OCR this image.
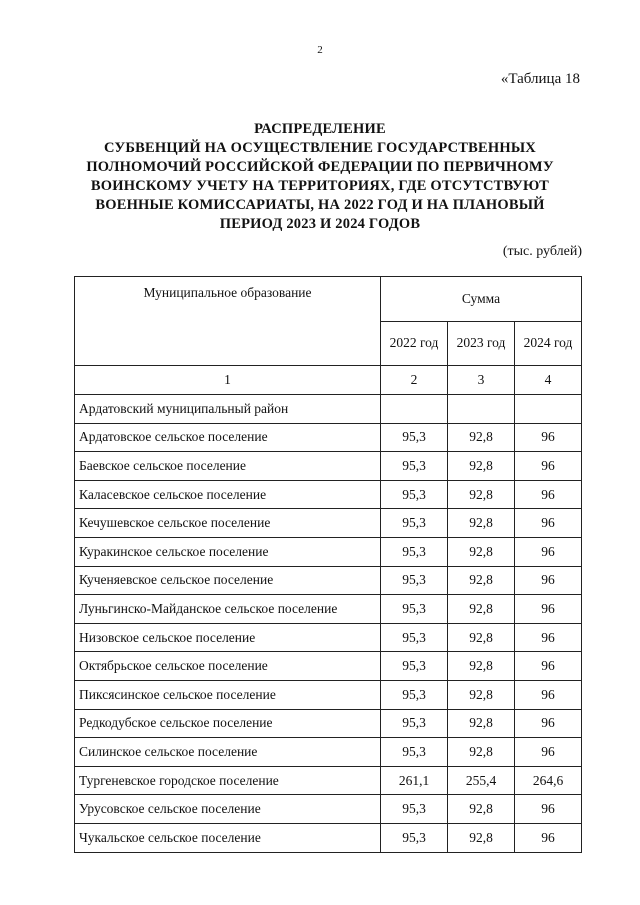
2
«Таблица 18
РАСПРЕДЕЛЕНИЕ
СУБВЕНЦИЙ НА ОСУЩЕСТВЛЕНИЕ ГОСУДАРСТВЕННЫХ
ПОЛНОМОЧИЙ РОССИЙСКОЙ ФЕДЕРАЦИИ ПО ПЕРВИЧНОМУ
ВОИНСКОМУ УЧЕТУ НА ТЕРРИТОРИЯХ, ГДЕ ОТСУТСТВУЮТ
ВОЕННЫЕ КОМИССАРИАТЫ, НА 2022 ГОД И НА ПЛАНОВЫЙ
ПЕРИОД 2023 И 2024 ГОДОВ
(тыс. рублей)
Муниципальное образование	Сумма		
	2022 год	2023 год	2024 год
1	2	3	4
Ардатовский муниципальный район			
Ардатовское сельское поселение	95,3	92,8	96
Баевское сельское поселение	95,3	92,8	96
Каласевское сельское поселение	95,3	92,8	96
Кечушевское сельское поселение	95,3	92,8	96
Куракинское сельское поселение	95,3	92,8	96
Кученяевское сельское поселение	95,3	92,8	96
Луньгинско-Майданское сельское поселение	95,3	92,8	96
Низовское сельское поселение	95,3	92,8	96
Октябрьское сельское поселение	95,3	92,8	96
Пиксясинское сельское поселение	95,3	92,8	96
Редкодубское сельское поселение	95,3	92,8	96
Силинское сельское поселение	95,3	92,8	96
Тургеневское городское поселение	261,1	255,4	264,6
Урусовское сельское поселение	95,3	92,8	96
Чукальское сельское поселение	95,3	92,8	96
